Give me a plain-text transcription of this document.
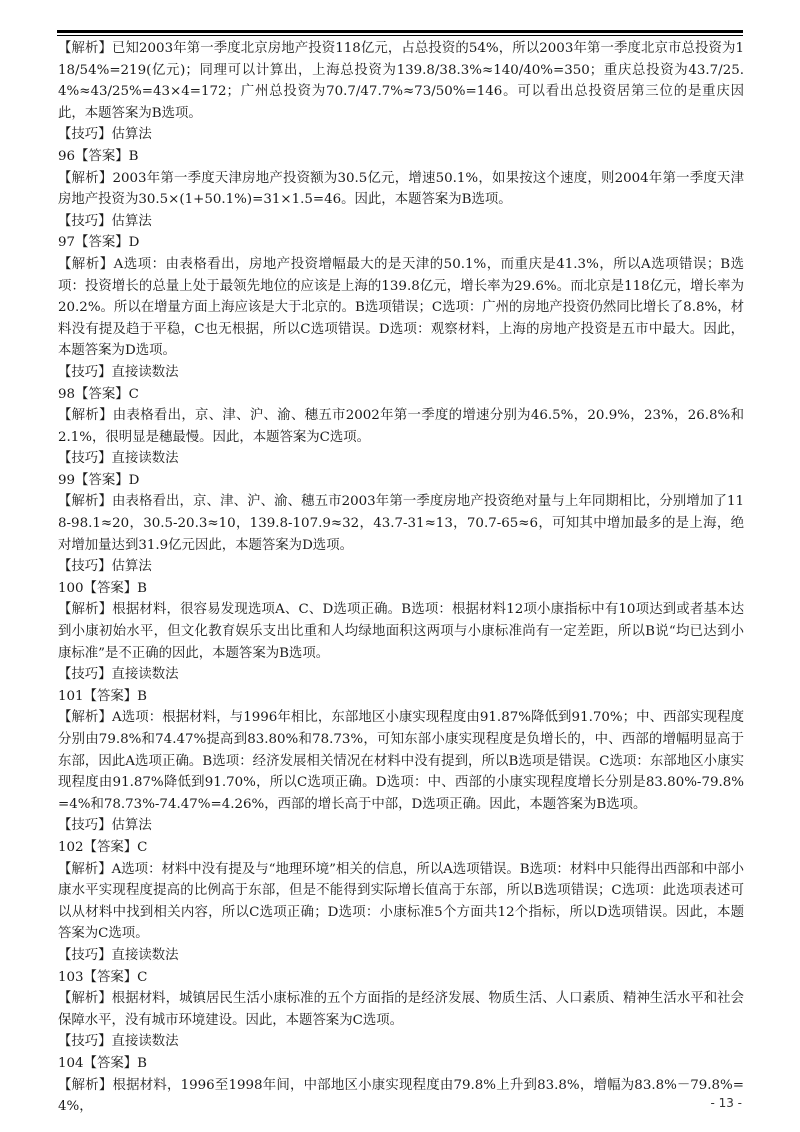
【解析】已知2003年第一季度北京房地产投资118亿元，占总投资的54%，所以2003年第一季度北京市总投资为118/54%=219(亿元)；同理可以计算出，上海总投资为139.8/38.3%≈140/40%=350；重庆总投资为43.7/25.4%≈43/25%=43×4=172；广州总投资为70.7/47.7%≈73/50%=146。可以看出总投资居第三位的是重庆因此，本题答案为B选项。

【技巧】估算法

96【答案】B

【解析】2003年第一季度天津房地产投资额为30.5亿元，增速50.1%，如果按这个速度，则2004年第一季度天津房地产投资为30.5×(1+50.1%)=31×1.5=46。因此，本题答案为B选项。

【技巧】估算法

97【答案】D

【解析】A选项：由表格看出，房地产投资增幅最大的是天津的50.1%，而重庆是41.3%，所以A选项错误；B选项：投资增长的总量上处于最领先地位的应该是上海的139.8亿元，增长率为29.6%。而北京是118亿元，增长率为20.2%。所以在增量方面上海应该是大于北京的。B选项错误；C选项：广州的房地产投资仍然同比增长了8.8%，材料没有提及趋于平稳，C也无根据，所以C选项错误。D选项：观察材料，上海的房地产投资是五市中最大。因此，本题答案为D选项。

【技巧】直接读数法

98【答案】C

【解析】由表格看出，京、津、沪、渝、穗五市2002年第一季度的增速分别为46.5%，20.9%，23%，26.8%和2.1%，很明显是穗最慢。因此，本题答案为C选项。

【技巧】直接读数法

99【答案】D

【解析】由表格看出，京、津、沪、渝、穗五市2003年第一季度房地产投资绝对量与上年同期相比，分别增加了118-98.1≈20，30.5-20.3≈10，139.8-107.9≈32，43.7-31≈13，70.7-65≈6，可知其中增加最多的是上海，绝对增加量达到31.9亿元因此，本题答案为D选项。

【技巧】估算法

100【答案】B

【解析】根据材料，很容易发现选项A、C、D选项正确。B选项：根据材料12项小康指标中有10项达到或者基本达到小康初始水平，但文化教育娱乐支出比重和人均绿地面积这两项与小康标准尚有一定差距，所以B说“均已达到小康标准”是不正确的因此，本题答案为B选项。

【技巧】直接读数法

101【答案】B

【解析】A选项：根据材料，与1996年相比，东部地区小康实现程度由91.87%降低到91.70%；中、西部实现程度分别由79.8%和74.47%提高到83.80%和78.73%，可知东部小康实现程度是负增长的，中、西部的增幅明显高于东部，因此A选项正确。B选项：经济发展相关情况在材料中没有提到，所以B选项是错误。C选项：东部地区小康实现程度由91.87%降低到91.70%，所以C选项正确。D选项：中、西部的小康实现程度增长分别是83.80%-79.8%=4%和78.73%-74.47%=4.26%，西部的增长高于中部，D选项正确。因此，本题答案为B选项。

【技巧】估算法

102【答案】C

【解析】A选项：材料中没有提及与“地理环境”相关的信息，所以A选项错误。B选项：材料中只能得出西部和中部小康水平实现程度提高的比例高于东部，但是不能得到实际增长值高于东部，所以B选项错误；C选项：此选项表述可以从材料中找到相关内容，所以C选项正确；D选项：小康标准5个方面共12个指标，所以D选项错误。因此，本题答案为C选项。

【技巧】直接读数法

103【答案】C

【解析】根据材料，城镇居民生活小康标准的五个方面指的是经济发展、物质生活、人口素质、精神生活水平和社会保障水平，没有城市环境建设。因此，本题答案为C选项。

【技巧】直接读数法

104【答案】B

【解析】根据材料，1996至1998年间，中部地区小康实现程度由79.8%上升到83.8%，增幅为83.8%－79.8%=4%，	- 13 -
